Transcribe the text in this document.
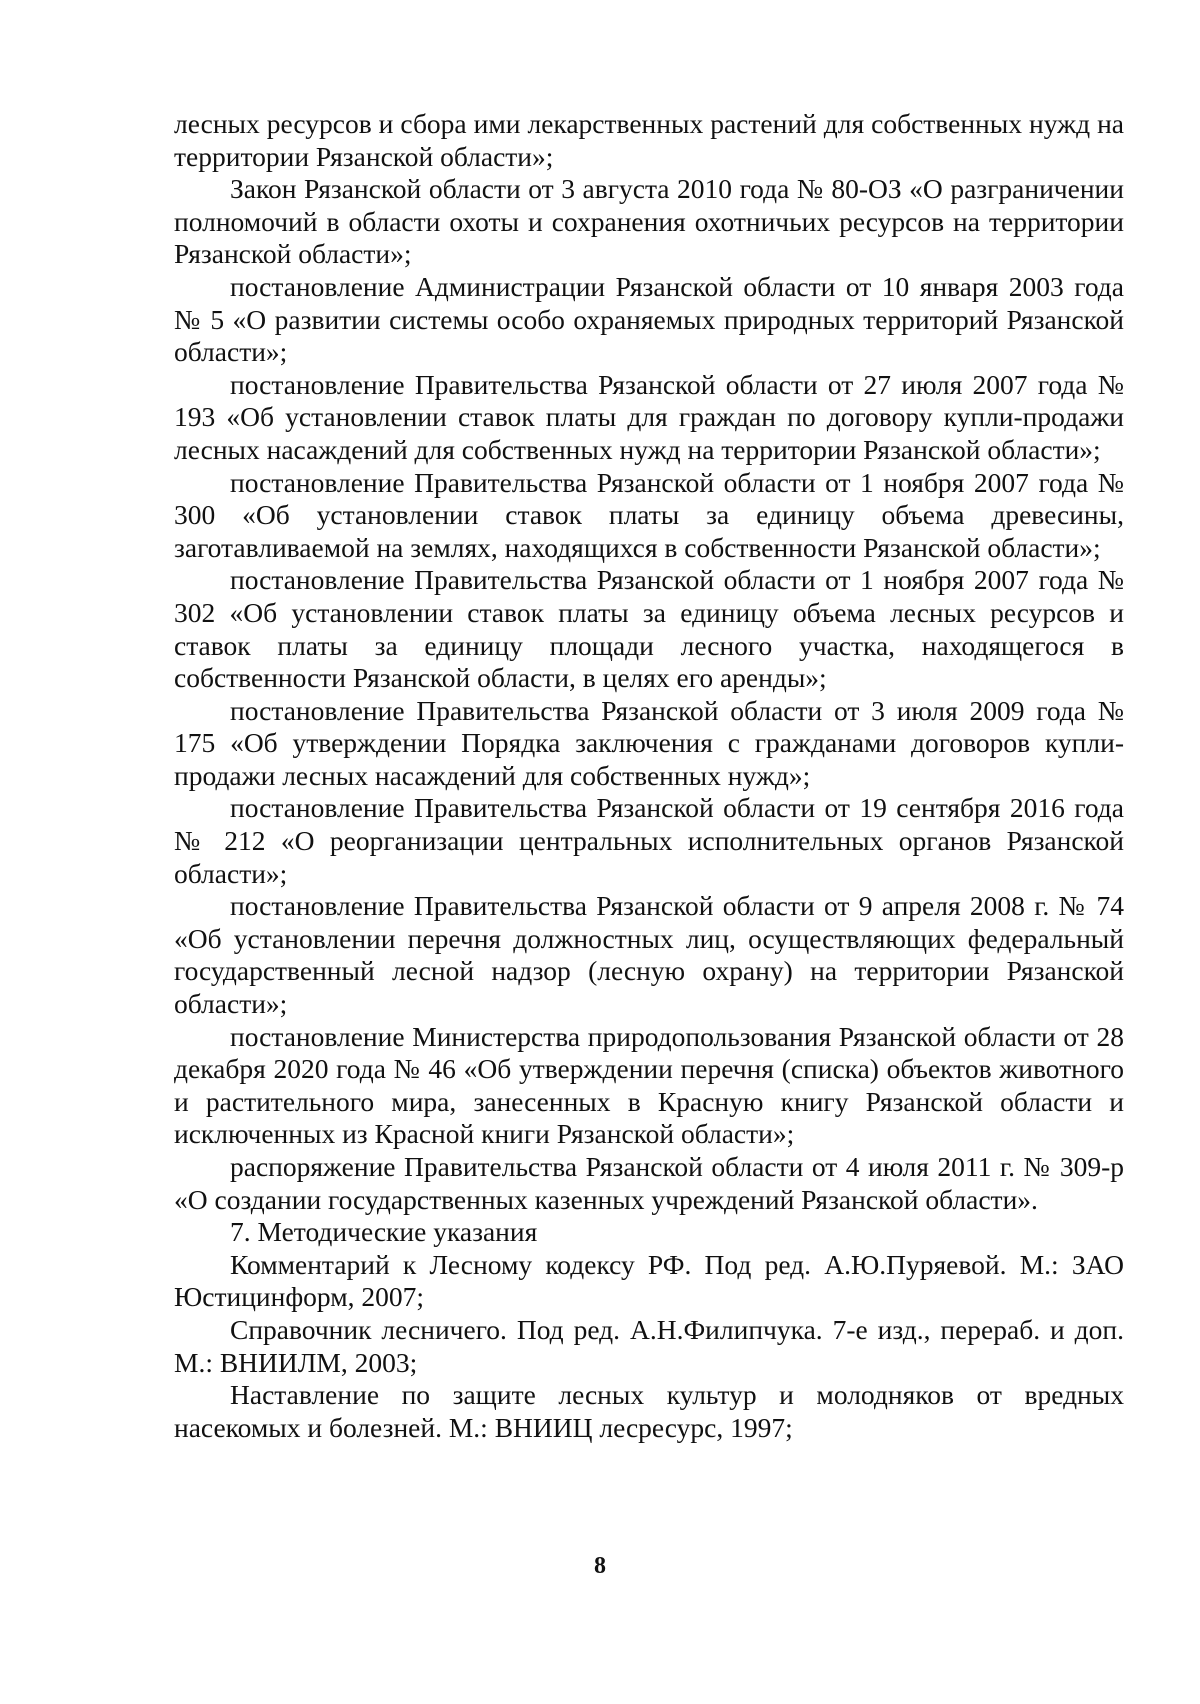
лесных ресурсов и сбора ими лекарственных растений для собственных нужд на территории Рязанской области»;

Закон Рязанской области от 3 августа 2010 года № 80-ОЗ «О разграничении полномочий в области охоты и сохранения охотничьих ресурсов на территории Рязанской области»;

постановление Администрации Рязанской области от 10 января 2003 года № 5 «О развитии системы особо охраняемых природных территорий Рязанской области»;

постановление Правительства Рязанской области от 27 июля 2007 года № 193 «Об установлении ставок платы для граждан по договору купли-продажи лесных насаждений для собственных нужд на территории Рязанской области»;

постановление Правительства Рязанской области от 1 ноября 2007 года № 300 «Об установлении ставок платы за единицу объема древесины, заготавливаемой на землях, находящихся в собственности Рязанской области»;

постановление Правительства Рязанской области от 1 ноября 2007 года № 302 «Об установлении ставок платы за единицу объема лесных ресурсов и ставок платы за единицу площади лесного участка, находящегося в собственности Рязанской области, в целях его аренды»;

постановление Правительства Рязанской области от 3 июля 2009 года № 175 «Об утверждении Порядка заключения с гражданами договоров купли-продажи лесных насаждений для собственных нужд»;

постановление Правительства Рязанской области от 19 сентября 2016 года № 212 «О реорганизации центральных исполнительных органов Рязанской области»;

постановление Правительства Рязанской области от 9 апреля 2008 г. № 74 «Об установлении перечня должностных лиц, осуществляющих федеральный государственный лесной надзор (лесную охрану) на территории Рязанской области»;

постановление Министерства природопользования Рязанской области от 28 декабря 2020 года № 46 «Об утверждении перечня (списка) объектов животного и растительного мира, занесенных в Красную книгу Рязанской области и исключенных из Красной книги Рязанской области»;

распоряжение Правительства Рязанской области от 4 июля 2011 г. № 309-р «О создании государственных казенных учреждений Рязанской области».

7. Методические указания

Комментарий к Лесному кодексу РФ. Под ред. А.Ю.Пуряевой. М.: ЗАО Юстицинформ, 2007;

Справочник лесничего. Под ред. А.Н.Филипчука. 7-е изд., перераб. и доп. М.: ВНИИЛМ, 2003;

Наставление по защите лесных культур и молодняков от вредных насекомых и болезней. М.: ВНИИЦ лесресурс, 1997;

8
